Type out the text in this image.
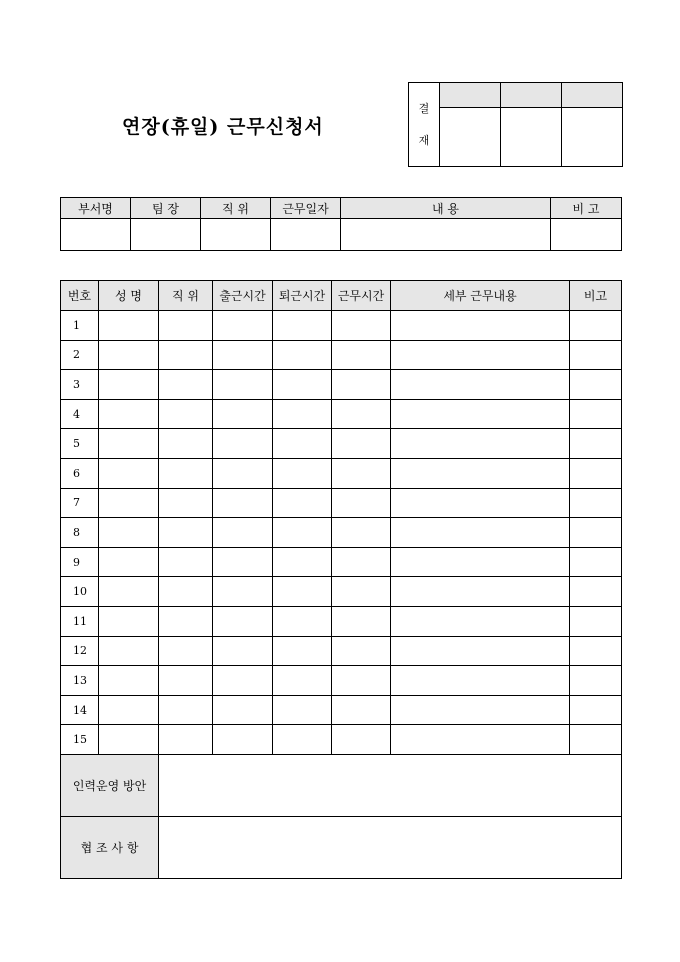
연장(휴일) 근무신청서
결
재			

부서명	팀 장	직 위	근무일자	내 용	비 고

번호	성 명	직 위	출근시간	퇴근시간	근무시간	세부 근무내용	비고
1							
2							
3							
4							
5							
6							
7							
8							
9							
10							
11							
12							
13							
14							
15							
인력운영 방안							
협 조 사 항							
